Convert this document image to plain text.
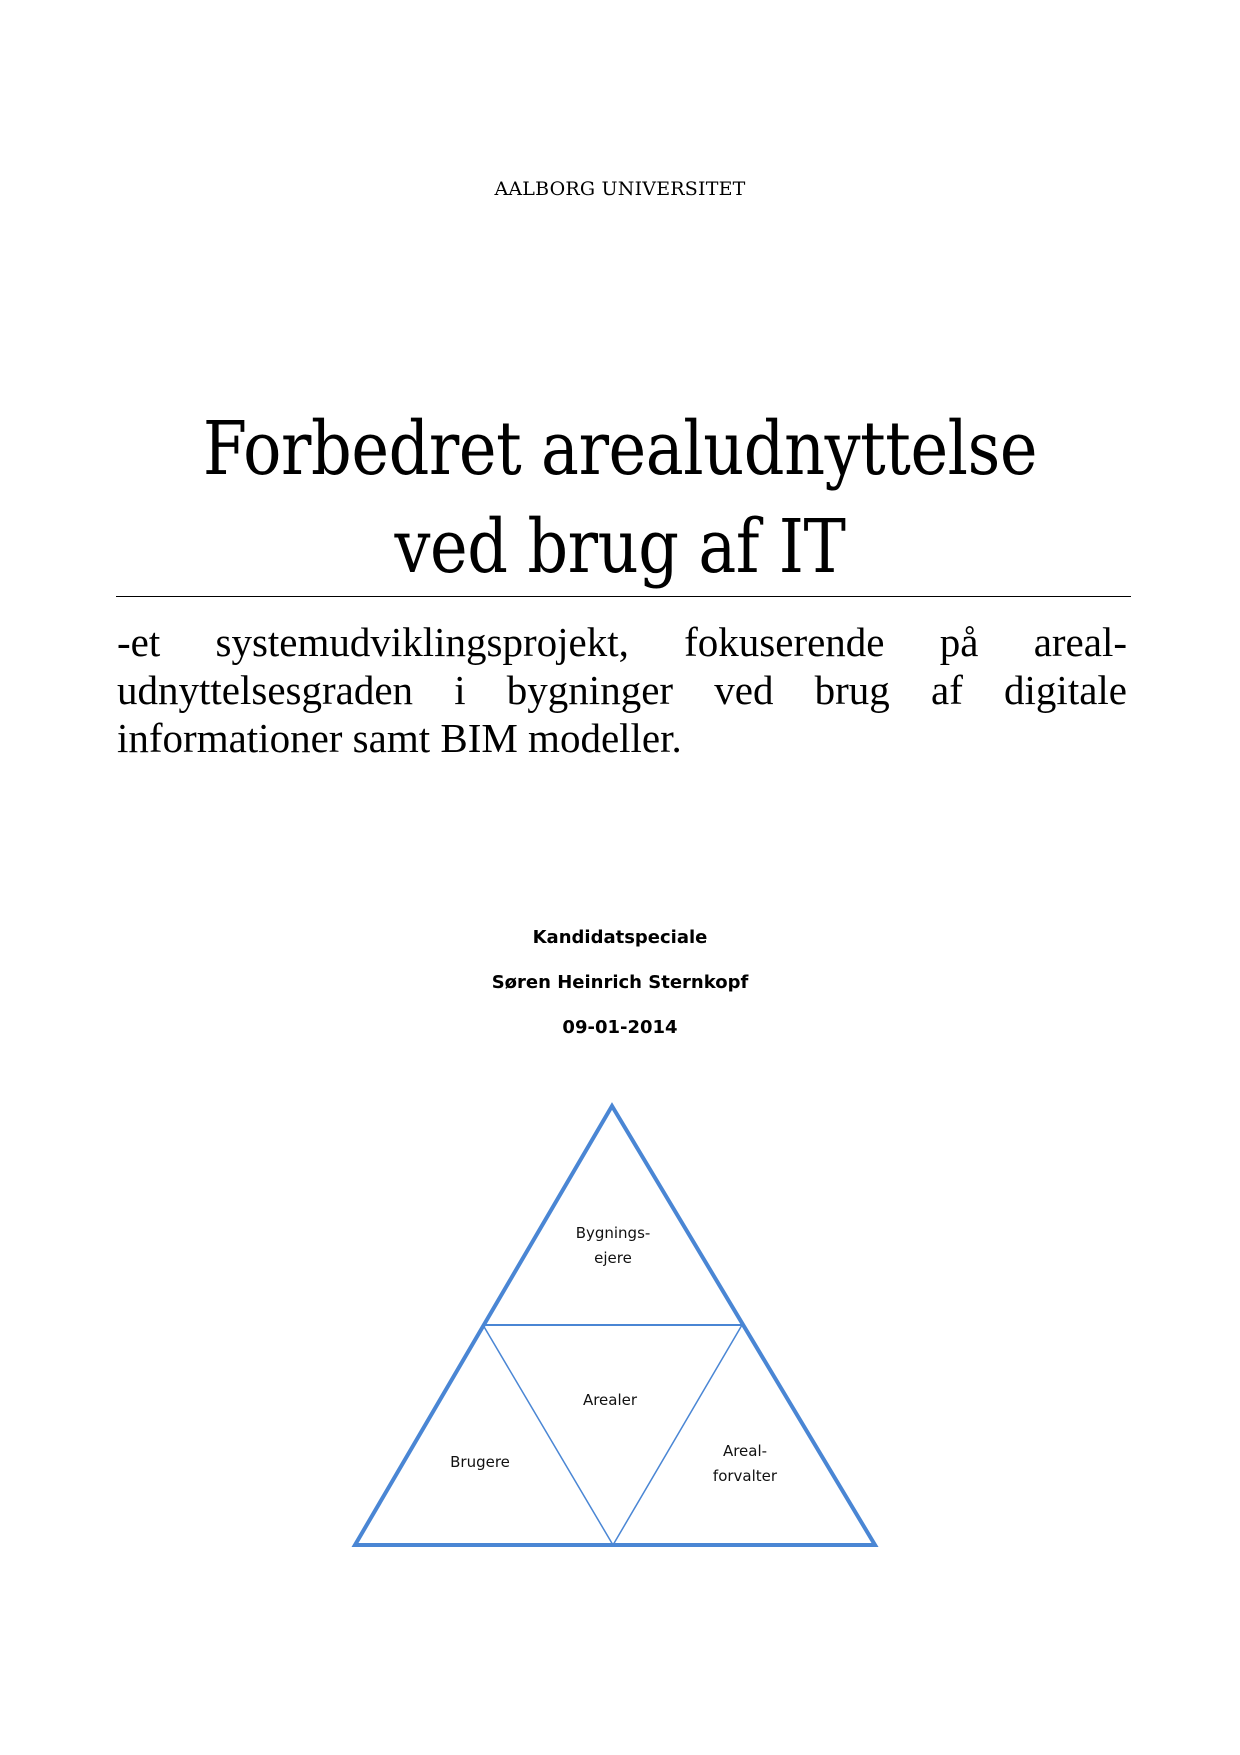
AALBORG UNIVERSITET
Forbedret arealudnyttelse
ved brug af IT
-et systemudviklingsprojekt, fokuserende på areal-udnyttelsesgraden i bygninger ved brug af digitale informationer samt BIM modeller.
Kandidatspeciale
Søren Heinrich Sternkopf
09-01-2014
Bygnings-
ejere
Arealer
Brugere
Areal-
forvalter
